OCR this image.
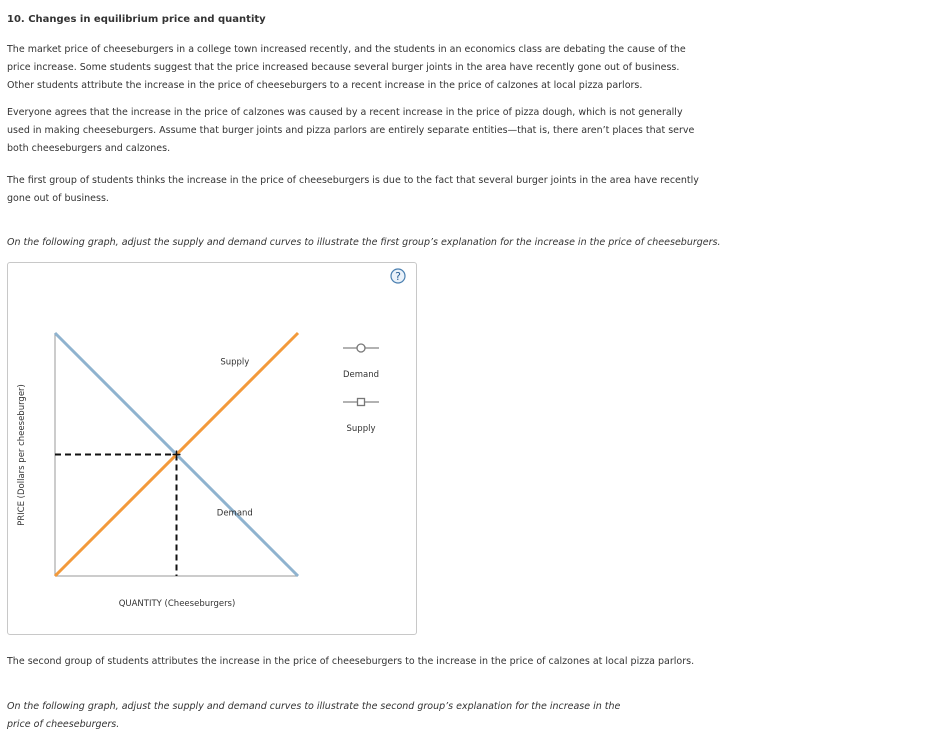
10. Changes in equilibrium price and quantity
The market price of cheeseburgers in a college town increased recently, and the students in an economics class are debating the cause of the price increase. Some students suggest that the price increased because several burger joints in the area have recently gone out of business. Other students attribute the increase in the price of cheeseburgers to a recent increase in the price of calzones at local pizza parlors.
Everyone agrees that the increase in the price of calzones was caused by a recent increase in the price of pizza dough, which is not generally used in making cheeseburgers. Assume that burger joints and pizza parlors are entirely separate entities—that is, there aren’t places that serve both cheeseburgers and calzones.
The first group of students thinks the increase in the price of cheeseburgers is due to the fact that several burger joints in the area have recently gone out of business.
On the following graph, adjust the supply and demand curves to illustrate the first group’s explanation for the increase in the price of cheeseburgers.
?
Demand
Supply
PRICE (Dollars per cheeseburger)
QUANTITY (Cheeseburgers)
Demand
Supply
The second group of students attributes the increase in the price of cheeseburgers to the increase in the price of calzones at local pizza parlors.
On the following graph, adjust the supply and demand curves to illustrate the second group’s explanation for the increase in the price of cheeseburgers.
